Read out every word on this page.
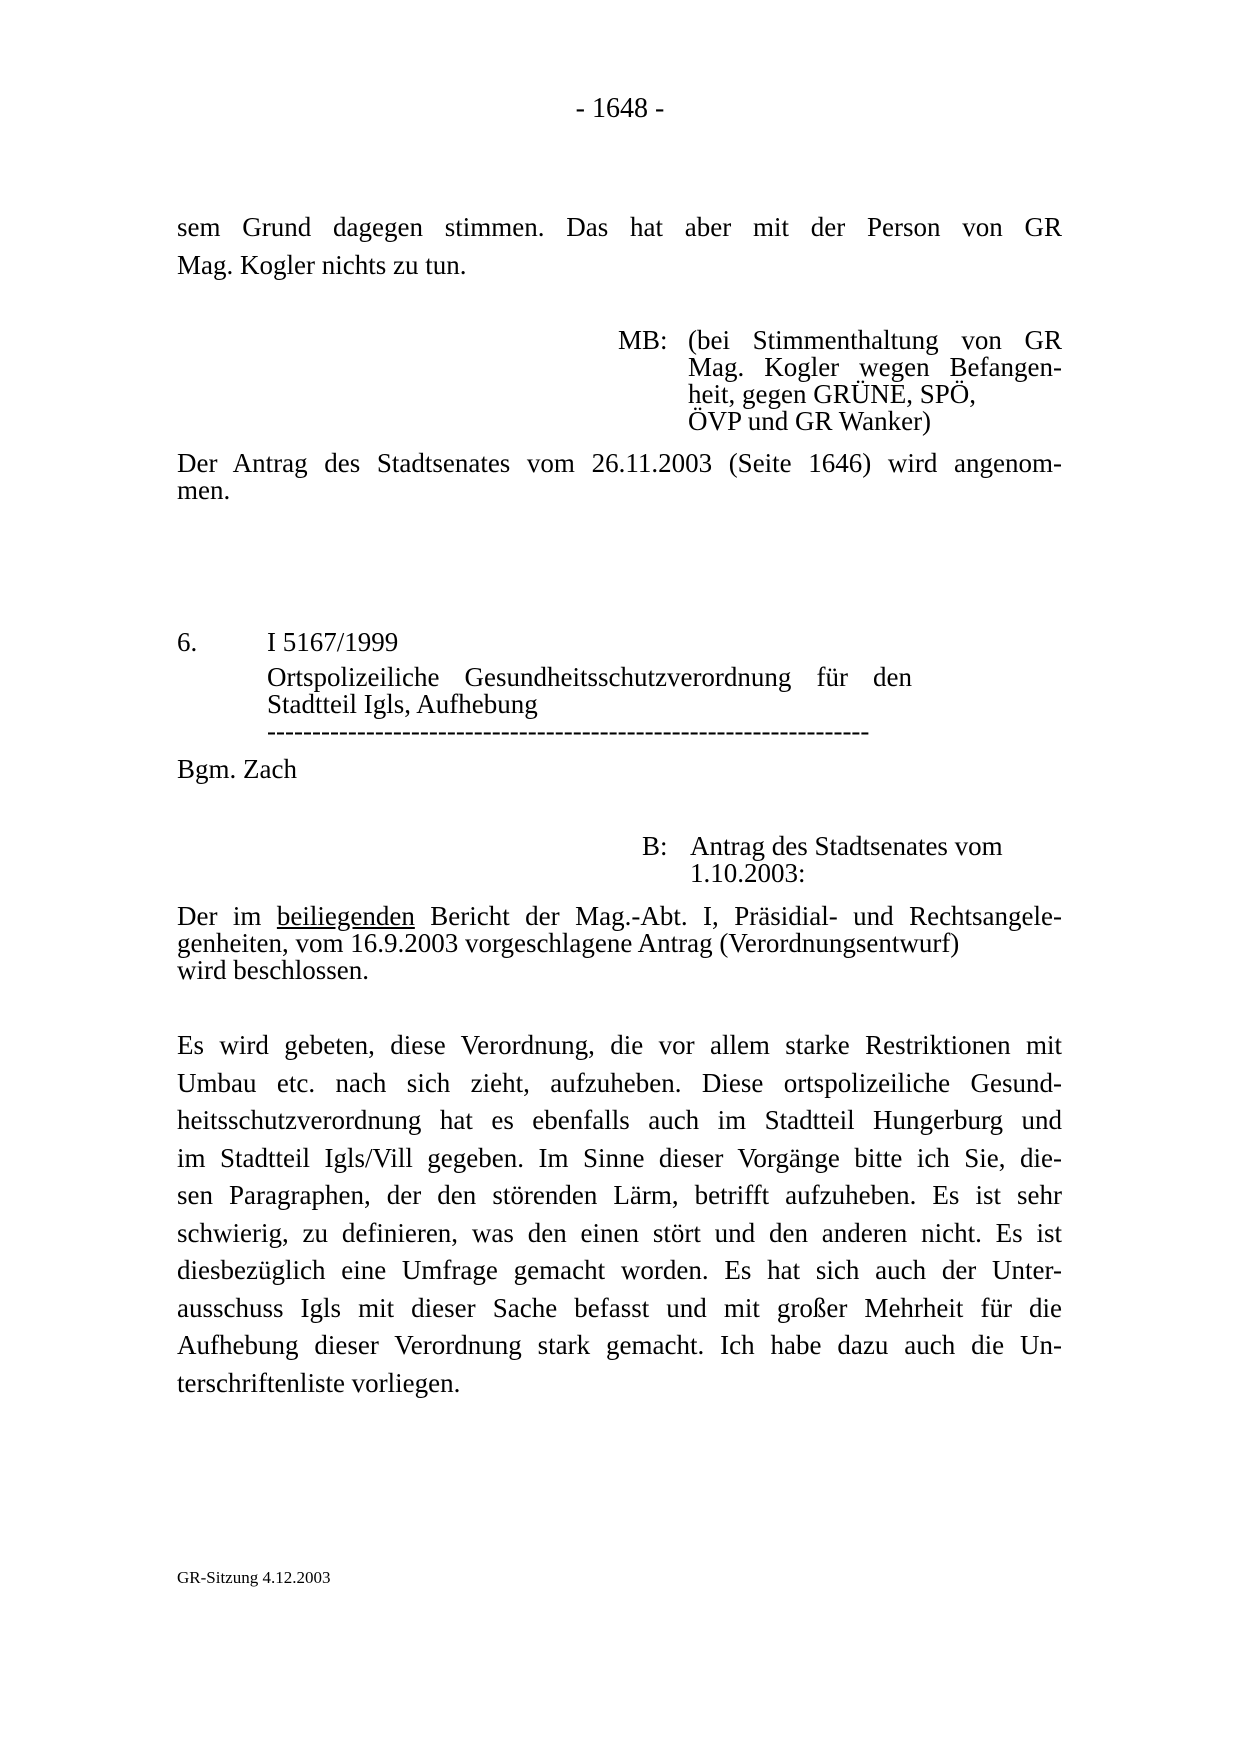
- 1648 -
sem Grund dagegen stimmen. Das hat aber mit der Person von GR
Mag. Kogler nichts zu tun.
MB: (bei Stimmenthaltung von GR
Mag. Kogler wegen Befangen-
heit, gegen GRÜNE, SPÖ,
ÖVP und GR Wanker)
Der Antrag des Stadtsenates vom 26.11.2003 (Seite 1646) wird angenom-
men.
6.	I 5167/1999
Ortspolizeiliche Gesundheitsschutzverordnung für den
Stadtteil Igls, Aufhebung
-------------------------------------------------------------------
Bgm. Zach
B: Antrag des Stadtsenates vom
1.10.2003:
Der im beiliegenden Bericht der Mag.-Abt. I, Präsidial- und Rechtsangele-
genheiten, vom 16.9.2003 vorgeschlagene Antrag (Verordnungsentwurf)
wird beschlossen.
Es wird gebeten, diese Verordnung, die vor allem starke Restriktionen mit
Umbau etc. nach sich zieht, aufzuheben. Diese ortspolizeiliche Gesund-
heitsschutzverordnung hat es ebenfalls auch im Stadtteil Hungerburg und
im Stadtteil Igls/Vill gegeben. Im Sinne dieser Vorgänge bitte ich Sie, die-
sen Paragraphen, der den störenden Lärm, betrifft aufzuheben. Es ist sehr
schwierig, zu definieren, was den einen stört und den anderen nicht. Es ist
diesbezüglich eine Umfrage gemacht worden. Es hat sich auch der Unter-
ausschuss Igls mit dieser Sache befasst und mit großer Mehrheit für die
Aufhebung dieser Verordnung stark gemacht. Ich habe dazu auch die Un-
terschriftenliste vorliegen.
GR-Sitzung 4.12.2003
